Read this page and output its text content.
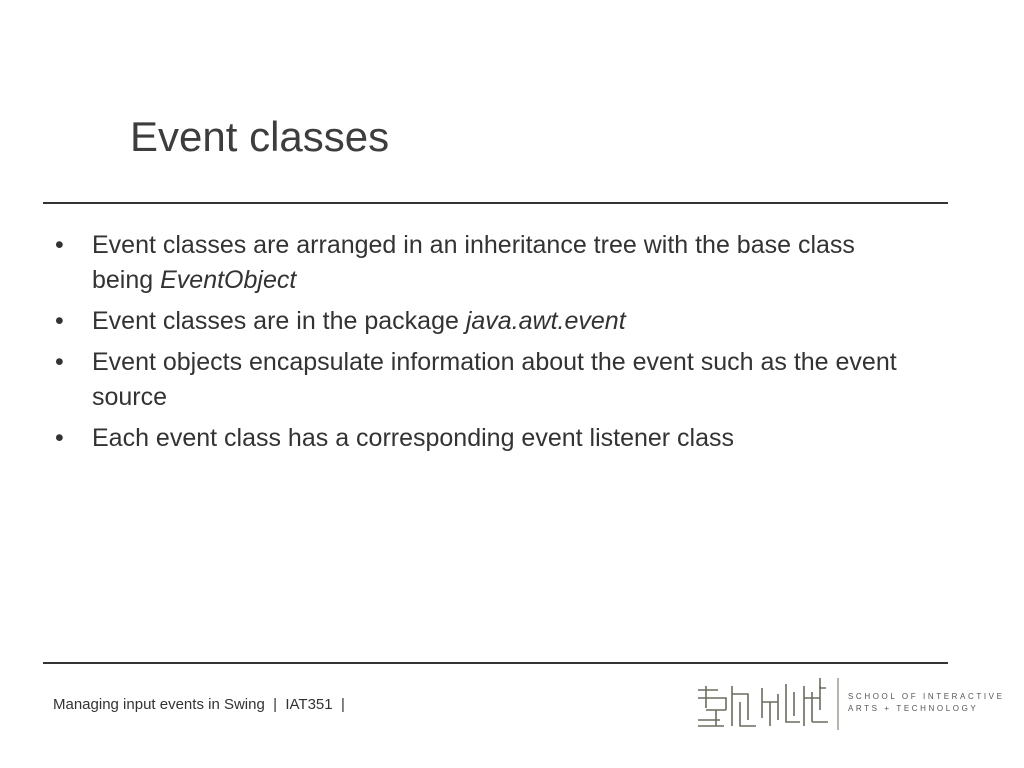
Event classes
• Event classes are arranged in an inheritance tree with the base class being EventObject
• Event classes are in the package java.awt.event
• Event objects encapsulate information about the event such as the event source
• Each event class has a corresponding event listener class
Managing input events in Swing  |  IAT351  |	SCHOOL OF INTERACTIVE
ARTS + TECHNOLOGY
